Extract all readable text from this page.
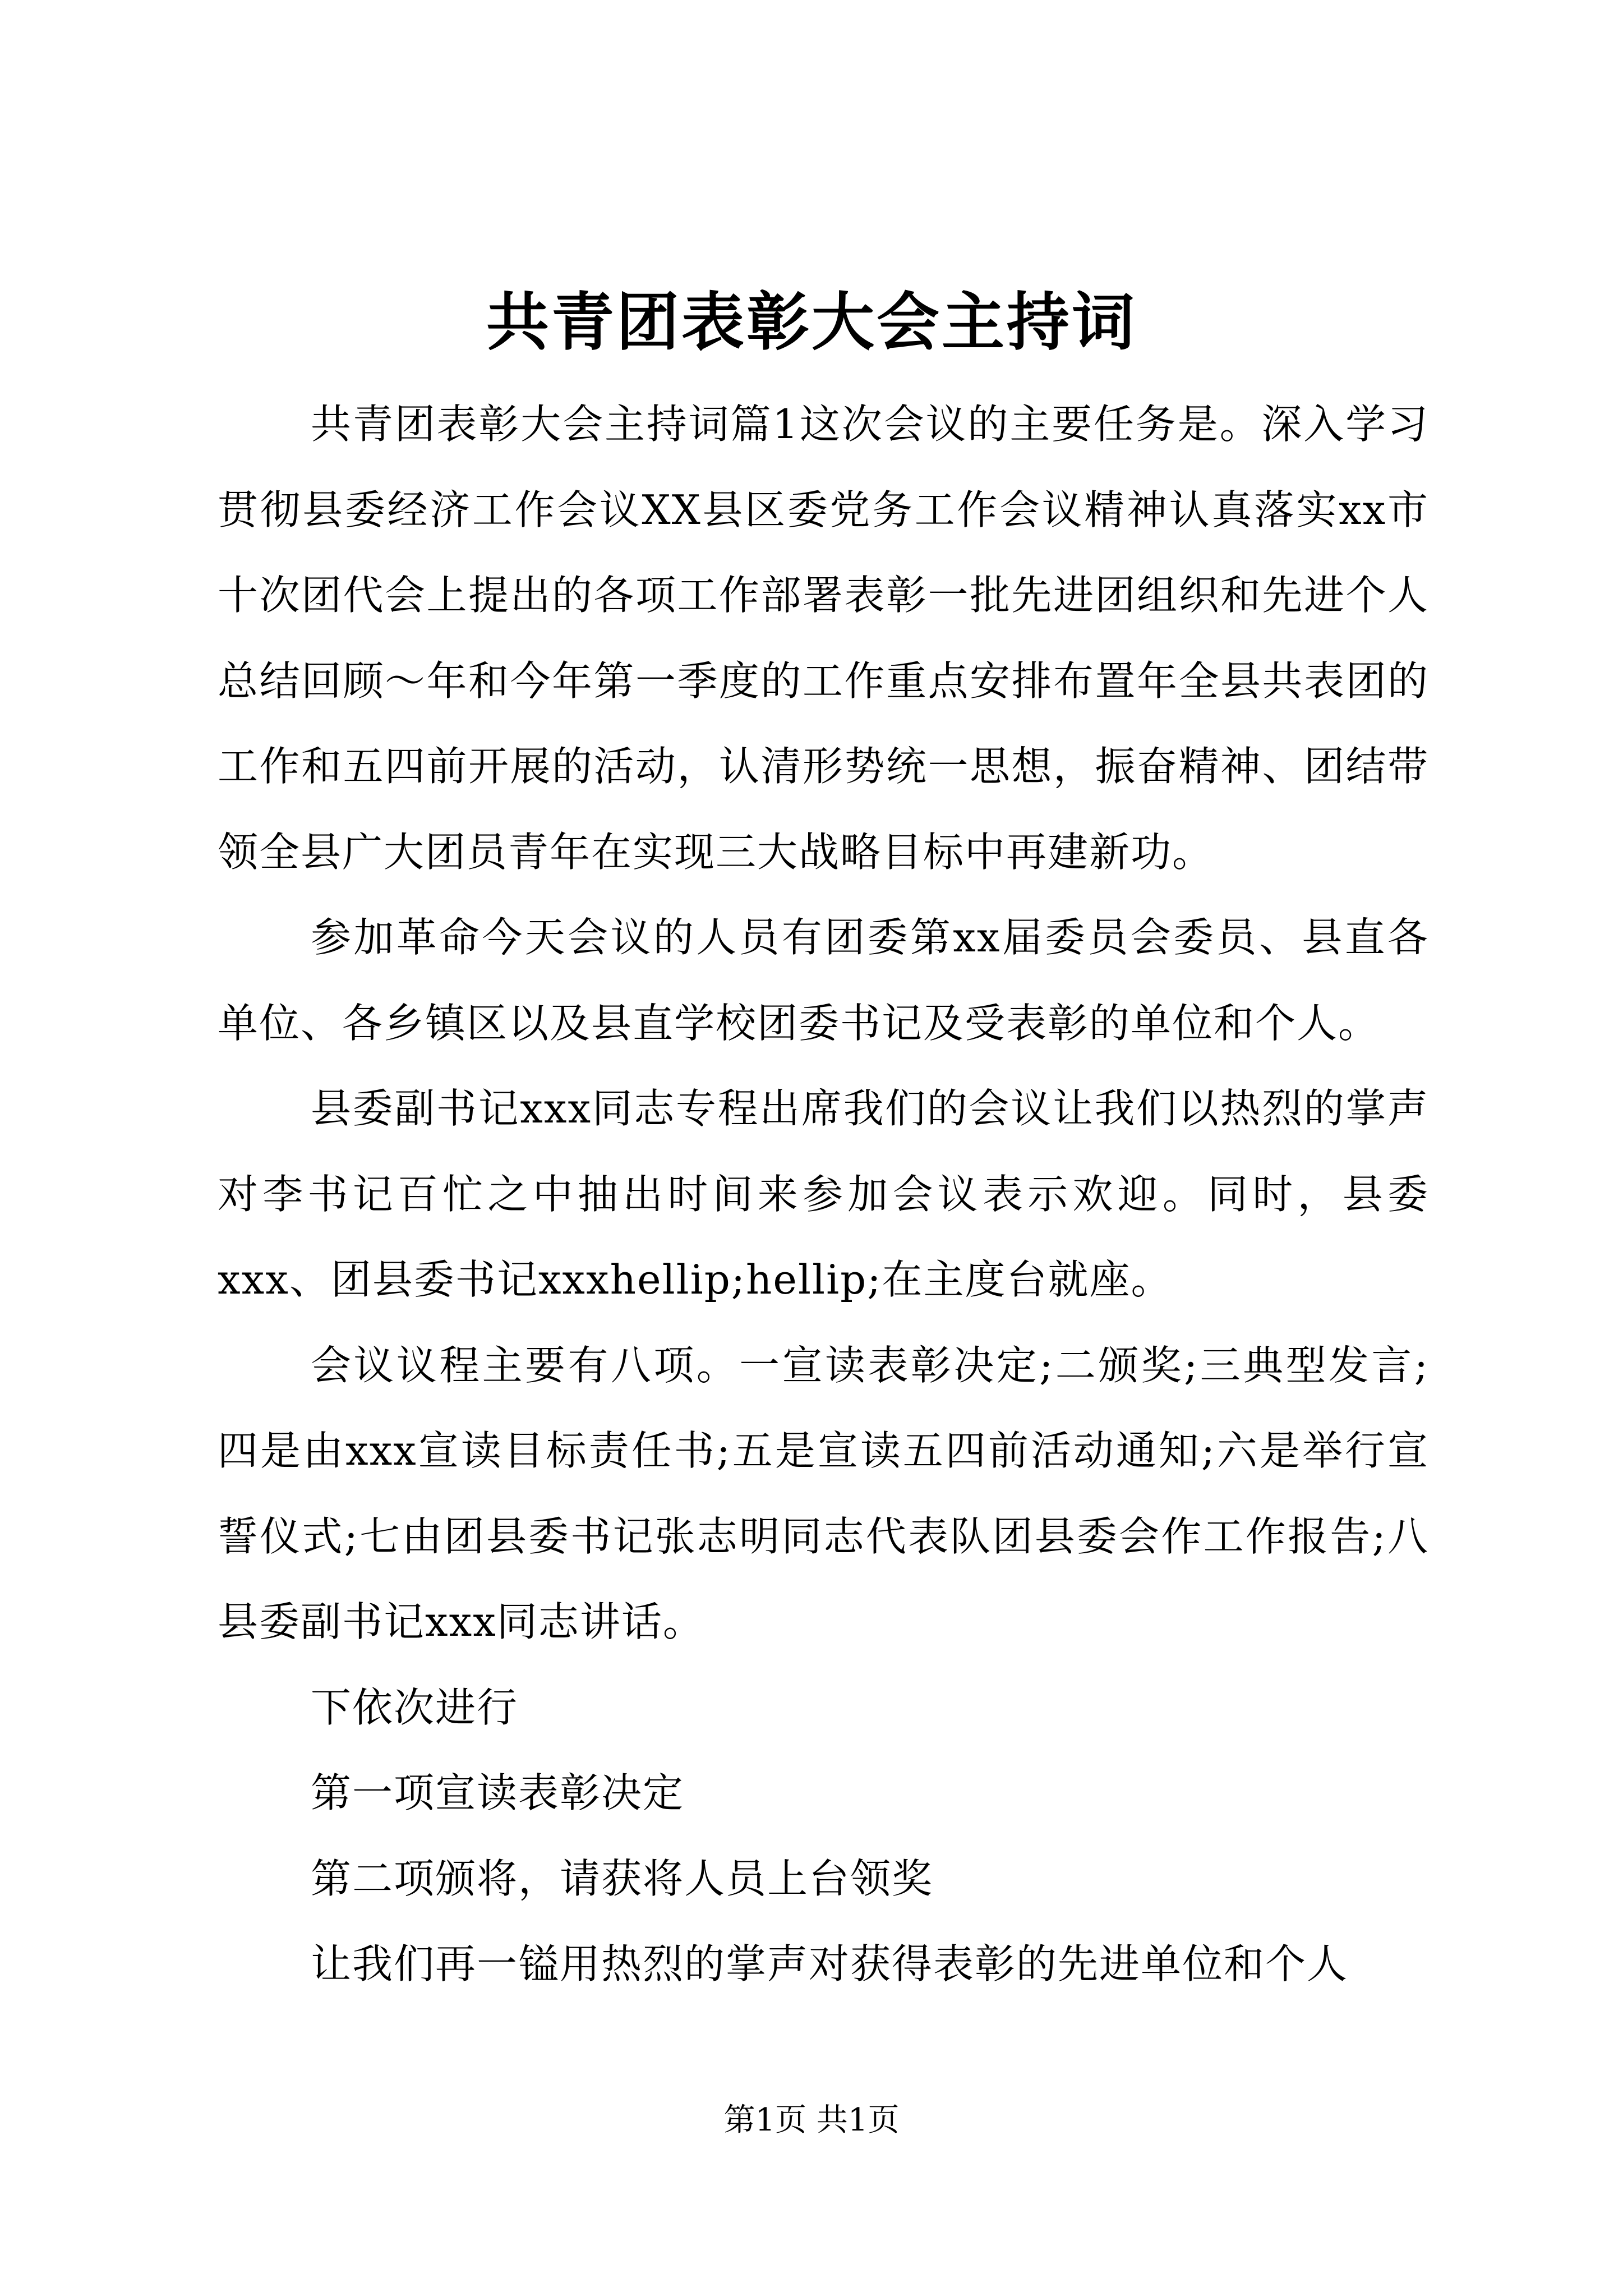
共青团表彰大会主持词

共青团表彰大会主持词篇1这次会议的主要任务是。深入学习贯彻县委经济工作会议XX县区委党务工作会议精神认真落实xx市十次团代会上提出的各项工作部署表彰一批先进团组织和先进个人总结回顾～年和今年第一季度的工作重点安排布置年全县共表团的工作和五四前开展的活动，认清形势统一思想，振奋精神、团结带领全县广大团员青年在实现三大战略目标中再建新功。

参加革命今天会议的人员有团委第xx届委员会委员、县直各单位、各乡镇区以及县直学校团委书记及受表彰的单位和个人。

县委副书记xxx同志专程出席我们的会议让我们以热烈的掌声对李书记百忙之中抽出时间来参加会议表示欢迎。同时，县委xxx、团县委书记xxxhellip;hellip;在主度台就座。

会议议程主要有八项。一宣读表彰决定;二颁奖;三典型发言;四是由xxx宣读目标责任书;五是宣读五四前活动通知;六是举行宣誓仪式;七由团县委书记张志明同志代表队团县委会作工作报告;八县委副书记xxx同志讲话。

下依次进行

第一项宣读表彰决定

第二项颁将，请获将人员上台领奖

让我们再一镒用热烈的掌声对获得表彰的先进单位和个人

第1页 共1页
